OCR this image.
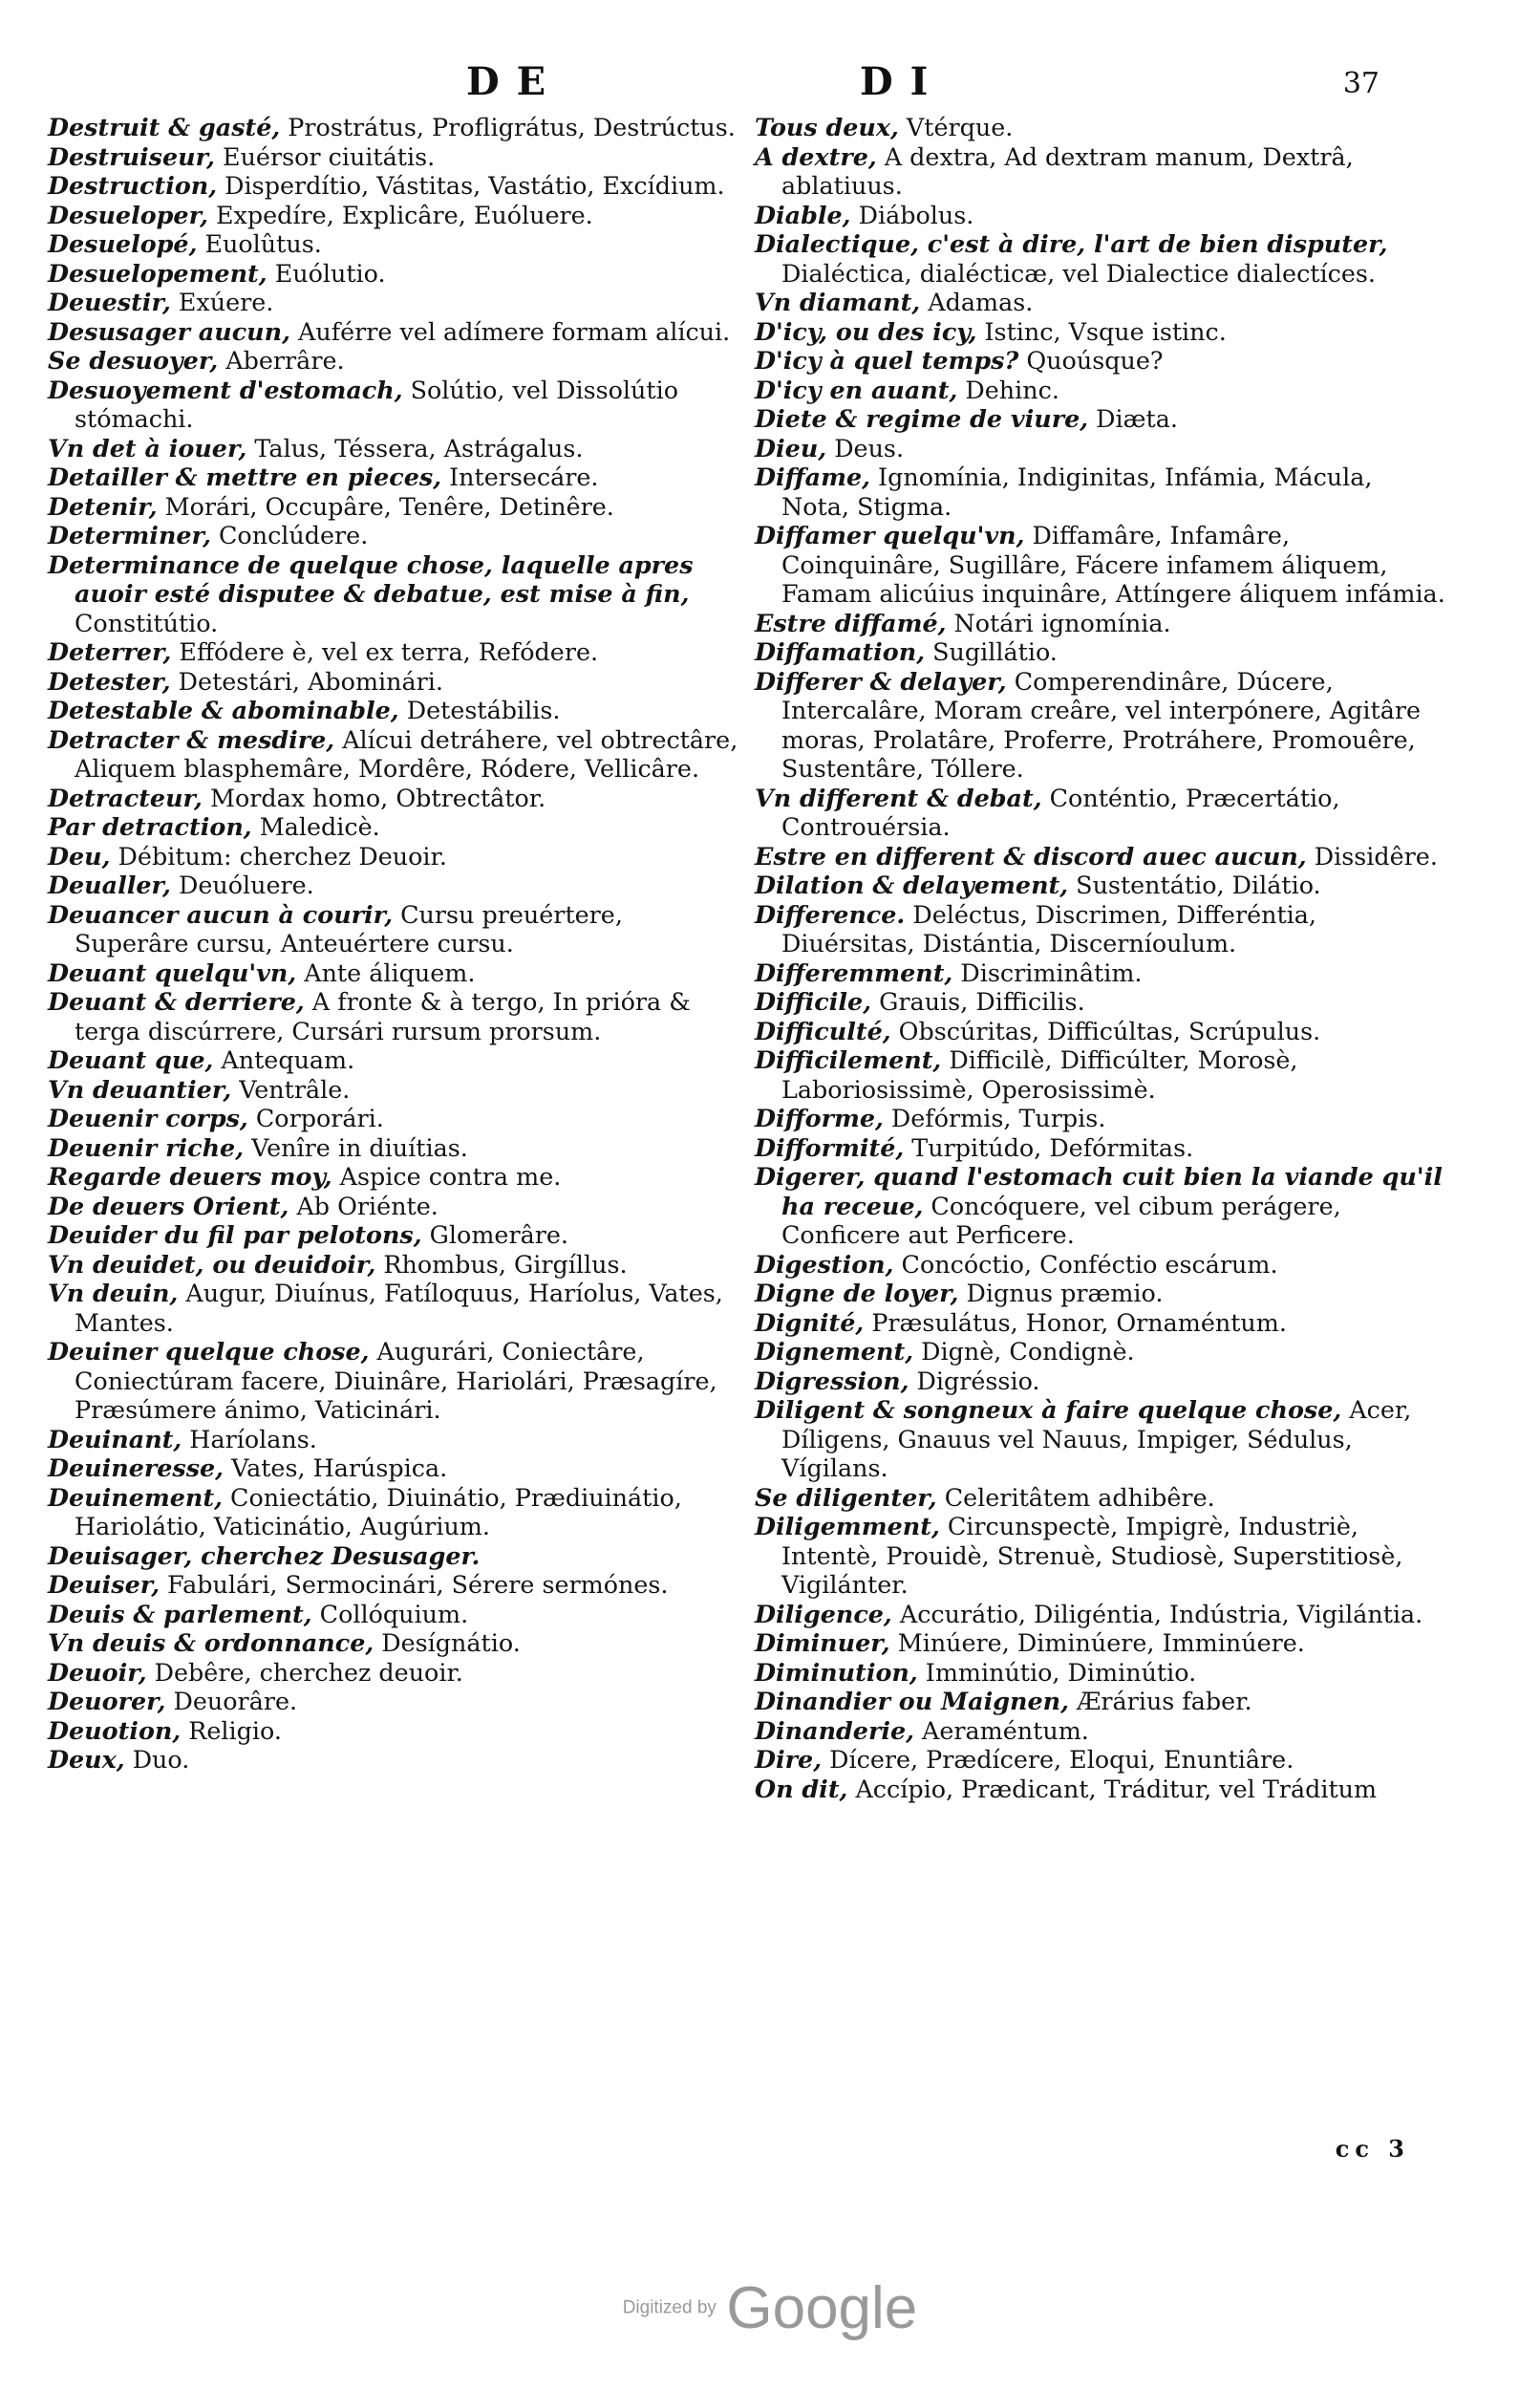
D E	D I	37

Destruit & gasté, Prostrátus, Profligrátus, Destrúctus.

Destruiseur, Euérsor ciuitátis.

Destruction, Disperdítio, Vástitas, Vastátio, Excídium.

Desueloper, Expedíre, Explicâre, Euóluere.

Desuelopé, Euolûtus.

Desuelopement, Euólutio.

Deuestir, Exúere.

Desusager aucun, Auférre vel adímere formam alícui.

Se desuoyer, Aberrâre.

Desuoyement d'estomach, Solútio, vel Dissolútio stómachi.

Vn det à iouer, Talus, Téssera, Astrágalus.

Detailler & mettre en pieces, Intersecáre.

Detenir, Morári, Occupâre, Tenêre, Detinêre.

Determiner, Conclúdere.

Determinance de quelque chose, laquelle apres auoir esté disputee & debatue, est mise à fin, Constitútio.

Deterrer, Effódere è, vel ex terra, Refódere.

Detester, Detestári, Abominári.

Detestable & abominable, Detestábilis.

Detracter & mesdire, Alícui detráhere, vel obtrectâre, Aliquem blasphemâre, Mordêre, Ródere, Vellicâre.

Detracteur, Mordax homo, Obtrectâtor.

Par detraction, Maledicè.

Deu, Débitum: cherchez Deuoir.

Deualler, Deuóluere.

Deuancer aucun à courir, Cursu preuértere, Superâre cursu, Anteuértere cursu.

Deuant quelqu'vn, Ante áliquem.

Deuant & derriere, A fronte & à tergo, In prióra & terga discúrrere, Cursári rursum prorsum.

Deuant que, Antequam.

Vn deuantier, Ventrâle.

Deuenir corps, Corporári.

Deuenir riche, Venîre in diuítias.

Regarde deuers moy, Aspice contra me.

De deuers Orient, Ab Oriénte.

Deuider du fil par pelotons, Glomerâre.

Vn deuidet, ou deuidoir, Rhombus, Girgíllus.

Vn deuin, Augur, Diuínus, Fatíloquus, Haríolus, Vates, Mantes.

Deuiner quelque chose, Augurári, Coniectâre, Coniectúram facere, Diuinâre, Hariolári, Præsagíre, Præsúmere ánimo, Vaticinári.

Deuinant, Haríolans.

Deuineresse, Vates, Harúspica.

Deuinement, Coniectátio, Diuinátio, Prædiuinátio, Hariolátio, Vaticinátio, Augúrium.

Deuisager, cherchez Desusager.

Deuiser, Fabulári, Sermocinári, Sérere sermónes.

Deuis & parlement, Collóquium.

Vn deuis & ordonnance, Desígnátio.

Deuoir, Debêre, cherchez deuoir.

Deuorer, Deuorâre.

Deuotion, Religio.

Deux, Duo.

Tous deux, Vtérque.

A dextre, A dextra, Ad dextram manum, Dextrâ, ablatiuus.

Diable, Diábolus.

Dialectique, c'est à dire, l'art de bien disputer, Dialéctica, dialécticæ, vel Dialectice dialectíces.

Vn diamant, Adamas.

D'icy, ou des icy, Istinc, Vsque istinc.

D'icy à quel temps? Quoúsque?

D'icy en auant, Dehinc.

Diete & regime de viure, Diæta.

Dieu, Deus.

Diffame, Ignomínia, Indiginitas, Infámia, Mácula, Nota, Stigma.

Diffamer quelqu'vn, Diffamâre, Infamâre, Coinquinâre, Sugillâre, Fácere infamem áliquem, Famam alicúius inquinâre, Attíngere áliquem infámia.

Estre diffamé, Notári ignomínia.

Diffamation, Sugillátio.

Differer & delayer, Comperendinâre, Dúcere, Intercalâre, Moram creâre, vel interpónere, Agitâre moras, Prolatâre, Proferre, Protráhere, Promouêre, Sustentâre, Tóllere.

Vn different & debat, Conténtio, Præcertátio, Controuérsia.

Estre en different & discord auec aucun, Dissidêre.

Dilation & delayement, Sustentátio, Dilátio.

Difference. Deléctus, Discrimen, Differéntia, Diuérsitas, Distántia, Discerníoulum.

Differemment, Discriminâtim.

Difficile, Grauis, Difficilis.

Difficulté, Obscúritas, Difficúltas, Scrúpulus.

Difficilement, Difficilè, Difficúlter, Morosè, Laboriosissimè, Operosissimè.

Difforme, Defórmis, Turpis.

Difformité, Turpitúdo, Defórmitas.

Digerer, quand l'estomach cuit bien la viande qu'il ha receue, Concóquere, vel cibum perágere, Conficere aut Perficere.

Digestion, Concóctio, Conféctio escárum.

Digne de loyer, Dignus præmio.

Dignité, Præsulátus, Honor, Ornaméntum.

Dignement, Dignè, Condignè.

Digression, Digréssio.

Diligent & songneux à faire quelque chose, Acer, Díligens, Gnauus vel Nauus, Impiger, Sédulus, Vígilans.

Se diligenter, Celeritâtem adhibêre.

Diligemment, Circunspectè, Impigrè, Industriè, Intentè, Prouidè, Strenuè, Studiosè, Superstitiosè, Vigilánter.

Diligence, Accurátio, Diligéntia, Indústria, Vigilántia.

Diminuer, Minúere, Diminúere, Imminúere.

Diminution, Imminútio, Diminútio.

Dinandier ou Maignen, Ærárius faber.

Dinanderie, Aeraméntum.

Dire, Dícere, Prædícere, Eloqui, Enuntiâre.

On dit, Accípio, Prædicant, Tráditur, vel Tráditum

cc 3
Digitized by Google
